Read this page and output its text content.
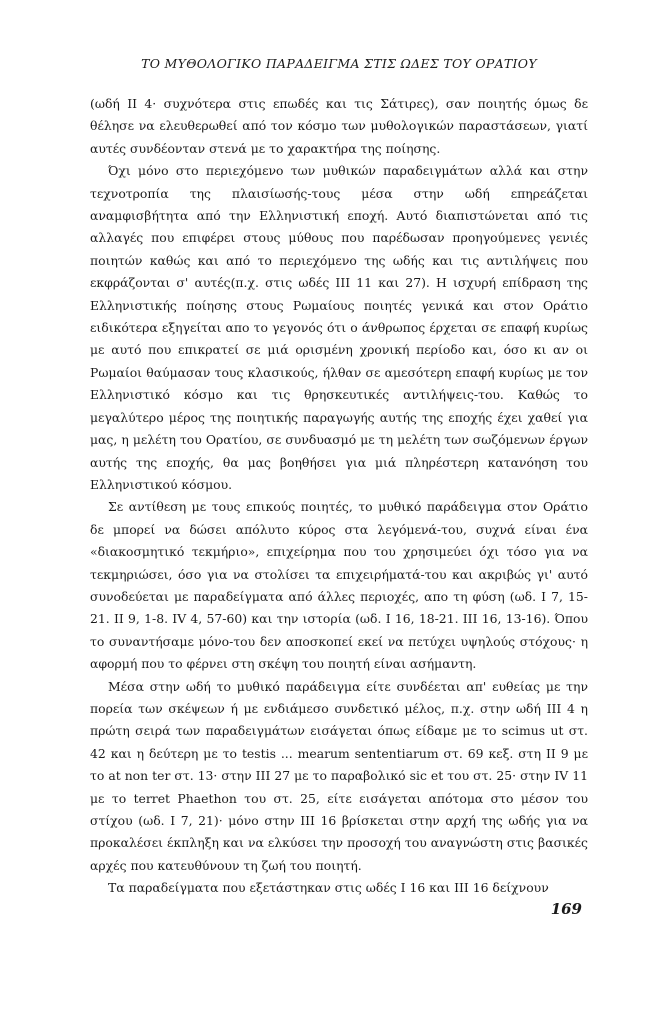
ΤΟ ΜΥΘΟΛΟΓΙΚΟ ΠΑΡΑΔΕΙΓΜΑ ΣΤΙΣ ΩΔΕΣ ΤΟΥ ΟΡΑΤΙΟΥ

(ωδή ΙΙ 4· συχνότερα στις επωδές και τις Σάτιρες), σαν ποιητής όμως δε θέλησε να ελευθερωθεί από τον κόσμο των μυθολογικών παραστάσεων, γιατί αυτές συνδέονταν στενά με το χαρακτήρα της ποίησης.

Όχι μόνο στο περιεχόμενο των μυθικών παραδειγμάτων αλλά και στην τεχνοτροπία της πλαισίωσής-τους μέσα στην ωδή επηρεάζεται αναμφισβήτητα από την Ελληνιστική εποχή. Αυτό διαπιστώνεται από τις αλλαγές που επιφέρει στους μύθους που παρέδωσαν προηγούμενες γενιές ποιητών καθώς και από το περιεχόμενο της ωδής και τις αντιλήψεις που εκφράζονται σ' αυτές(π.χ. στις ωδές ΙΙΙ 11 και 27). Η ισχυρή επίδραση της Ελληνιστικής ποίησης στους Ρωμαίους ποιητές γενικά και στον Οράτιο ειδικότερα εξηγείται απο το γεγονός ότι ο άνθρωπος έρχεται σε επαφή κυρίως με αυτό που επικρατεί σε μιά ορισμένη χρονική περίοδο και, όσο κι αν οι Ρωμαίοι θαύμασαν τους κλασικούς, ήλθαν σε αμεσότερη επαφή κυρίως με τον Ελληνιστικό κόσμο και τις θρησκευτικές αντιλήψεις-του. Καθώς το μεγαλύτερο μέρος της ποιητικής παραγωγής αυτής της εποχής έχει χαθεί για μας, η μελέτη του Ορατίου, σε συνδυασμό με τη μελέτη των σωζόμενων έργων αυτής της εποχής, θα μας βοηθήσει για μιά πληρέστερη κατανόηση του Ελληνιστικού κόσμου.

Σε αντίθεση με τους επικούς ποιητές, το μυθικό παράδειγμα στον Οράτιο δε μπορεί να δώσει απόλυτο κύρος στα λεγόμενά-του, συχνά είναι ένα «διακοσμητικό τεκμήριο», επιχείρημα που του χρησιμεύει όχι τόσο για να τεκμηριώσει, όσο για να στολίσει τα επιχειρήματά-του και ακριβώς γι' αυτό συνοδεύεται με παραδείγματα από άλλες περιοχές, απο τη φύση (ωδ. Ι 7, 15-21. ΙΙ 9, 1-8. ΙV 4, 57-60) και την ιστορία (ωδ. Ι 16, 18-21. ΙΙΙ 16, 13-16). Όπου το συναντήσαμε μόνο-του δεν αποσκοπεί εκεί να πετύχει υψηλούς στόχους· η αφορμή που το φέρνει στη σκέψη του ποιητή είναι ασήμαντη.

Μέσα στην ωδή το μυθικό παράδειγμα είτε συνδέεται απ' ευθείας με την πορεία των σκέψεων ή με ενδιάμεσο συνδετικό μέλος, π.χ. στην ωδή ΙΙΙ 4 η πρώτη σειρά των παραδειγμάτων εισάγεται όπως είδαμε με το scimus ut στ. 42 και η δεύτερη με το testis ... mearum sententiarum στ. 69 κεξ. στη ΙΙ 9 με το at non ter στ. 13· στην ΙΙΙ 27 με το παραβολικό sic et του στ. 25· στην ΙV 11 με το terret Phaethon του στ. 25, είτε εισάγεται απότομα στο μέσον του στίχου (ωδ. Ι 7, 21)· μόνο στην ΙΙΙ 16 βρίσκεται στην αρχή της ωδής για να προκαλέσει έκπληξη και να ελκύσει την προσοχή του αναγνώστη στις βασικές αρχές που κατευθύνουν τη ζωή του ποιητή.

Τα παραδείγματα που εξετάστηκαν στις ωδές Ι 16 και ΙΙΙ 16 δείχνουν

169
